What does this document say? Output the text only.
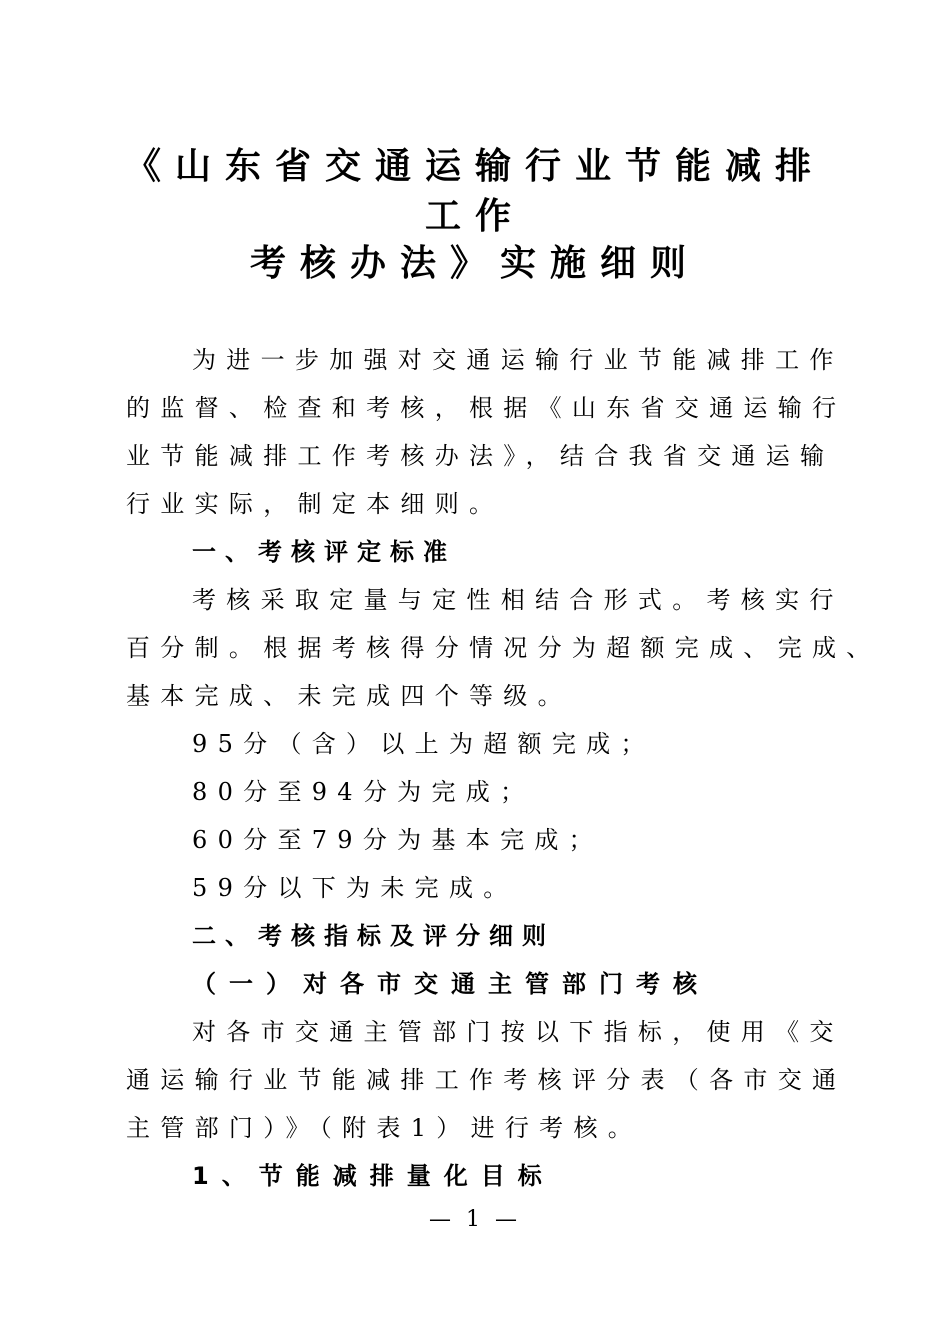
《山东省交通运输行业节能减排
工作
考核办法》实施细则

为进一步加强对交通运输行业节能减排工作

的监督、检查和考核，根据《山东省交通运输行

业节能减排工作考核办法》，结合我省交通运输

行业实际，制定本细则。

一、考核评定标准

考核采取定量与定性相结合形式。考核实行

百分制。根据考核得分情况分为超额完成、完成、

基本完成、未完成四个等级。

95分（含）以上为超额完成；

80分至94分为完成；

60分至79分为基本完成；

59分以下为未完成。

二、考核指标及评分细则

（一）对各市交通主管部门考核

对各市交通主管部门按以下指标，使用《交

通运输行业节能减排工作考核评分表（各市交通

主管部门）》（附表1）进行考核。

1、节能减排量化目标

— 1 —
